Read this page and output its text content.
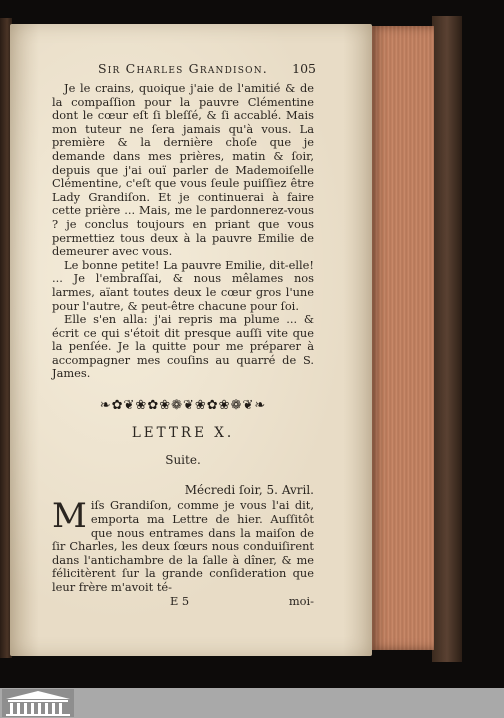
Sir Charles Grandison. 105

Je le crains, quoique j'aie de l'amitié & de la compaſſion pour la pauvre Clémentine dont le cœur eſt ſi bleſſé, & ſi accablé. Mais mon tuteur ne ſera jamais qu'à vous. La première & la dernière choſe que je demande dans mes prières, matin & ſoir, depuis que j'ai ouï parler de Mademoiſelle Clémentine, c'eſt que vous ſeule puiſſiez être Lady Grandiſon. Et je continuerai à faire cette prière ... Mais, me le pardonnerez-vous ? je conclus toujours en priant que vous permettiez tous deux à la pauvre Emilie de demeurer avec vous.

Le bonne petite! La pauvre Emilie, dit-elle! ... Je l'embraſſai, & nous mêlames nos larmes, aïant toutes deux le cœur gros l'une pour l'autre, & peut-être chacune pour ſoi.

Elle s'en alla: j'ai repris ma plume ... & écrit ce qui s'étoit dit presque auſſi vite que la penſée. Je la quitte pour me préparer à accompagner mes couſins au quarré de S. James.

❧✿❦❀✿❀❁❦❀✿❀❁❦❧
LETTRE X.
Suite.
Mécredi ſoir, 5. Avril.

M iſs Grandiſon, comme je vous l'ai dit, emporta ma Lettre de hier. Auſſitôt que nous entrames dans la maiſon de ſir Charles, les deux ſœurs nous conduiſirent dans l'antichambre de la ſalle à dîner, & me félicitèrent ſur la grande conſideration que leur frère m'avoit té-

E 5	moi-
